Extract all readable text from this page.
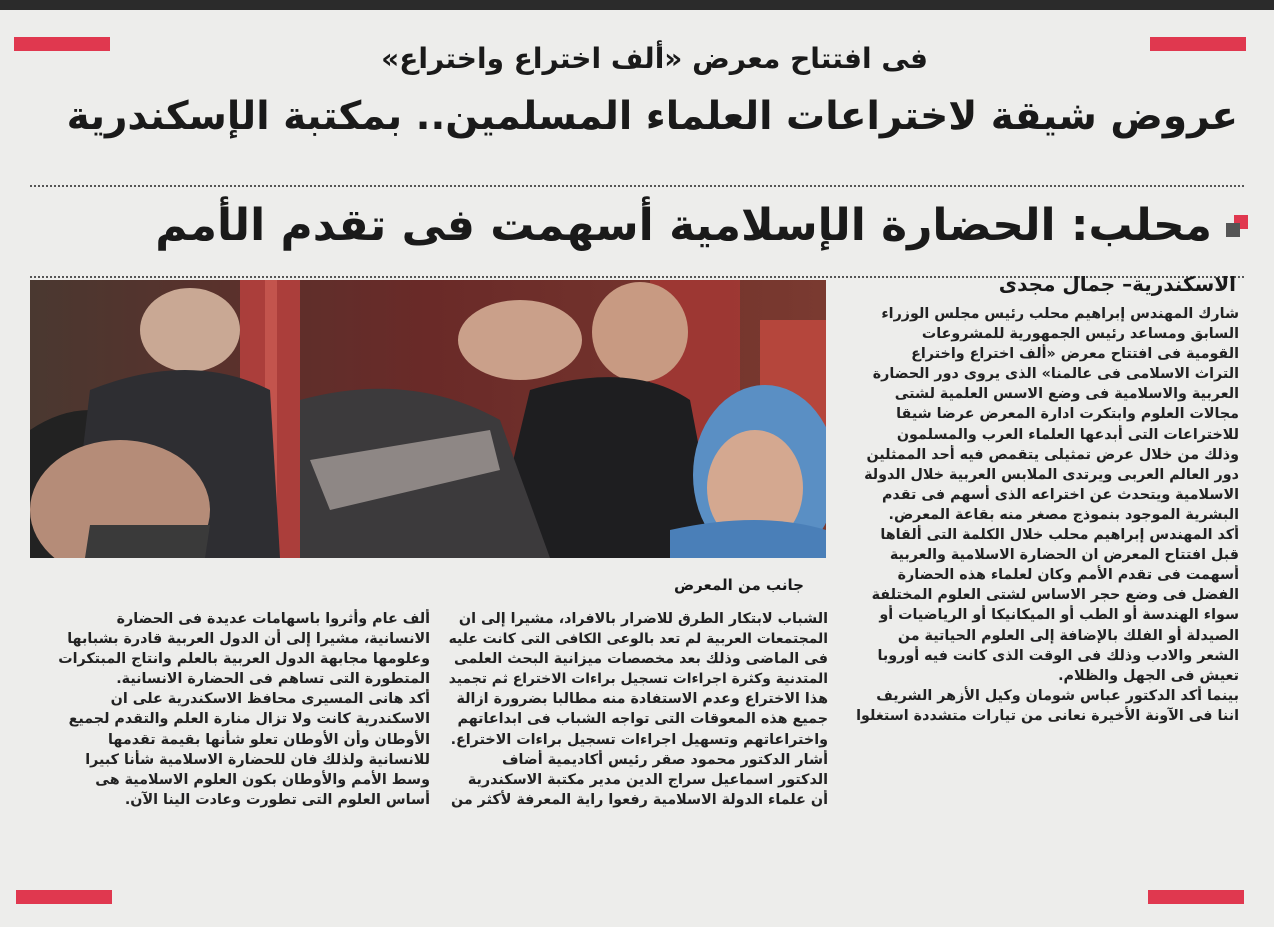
فى افتتاح معرض «ألف اختراع واختراع»
عروض شيقة لاختراعات العلماء المسلمين.. بمكتبة الإسكندرية
محلب: الحضارة الإسلامية أسهمت فى تقدم الأمم
الاسكندرية– جمال مجدى
جانب من المعرض

شارك المهندس إبراهيم محلب رئيس مجلس الوزراء

السابق ومساعد رئيس الجمهورية للمشروعات

القومية فى افتتاح معرض «ألف اختراع واختراع

التراث الاسلامى فى عالمنا» الذى يروى دور الحضارة

العربية والاسلامية فى وضع الاسس العلمية لشتى

مجالات العلوم وابتكرت ادارة المعرض عرضا شيقا

للاختراعات التى أبدعها العلماء العرب والمسلمون

وذلك من خلال عرض تمثيلى يتقمص فيه أحد الممثلين

دور العالم العربى ويرتدى الملابس العربية خلال الدولة

الاسلامية ويتحدث عن اختراعه الذى أسهم فى تقدم

البشرية الموجود بنموذج مصغر منه بقاعة المعرض.

أكد المهندس إبراهيم محلب خلال الكلمة التى ألقاها

قبل افتتاح المعرض ان الحضارة الاسلامية والعربية

أسهمت فى تقدم الأمم وكان لعلماء هذه الحضارة

الفضل فى وضع حجر الاساس لشتى العلوم المختلفة

سواء الهندسة أو الطب أو الميكانيكا أو الرياضيات أو

الصيدلة أو الفلك بالإضافة إلى العلوم الحياتية من

الشعر والادب وذلك فى الوقت الذى كانت فيه أوروبا

تعيش فى الجهل والظلام.

بينما أكد الدكتور عباس شومان وكيل الأزهر الشريف

اننا فى الآونة الأخيرة نعانى من تيارات متشددة استغلوا

الشباب لابتكار الطرق للاضرار بالافراد، مشيرا إلى ان

المجتمعات العربية لم تعد بالوعى الكافى التى كانت عليه

فى الماضى وذلك بعد مخصصات ميزانية البحث العلمى

المتدنية وكثرة اجراءات تسجيل براءات الاختراع ثم تجميد

هذا الاختراع وعدم الاستفادة منه مطالبا بضرورة ازالة

جميع هذه المعوقات التى تواجه الشباب فى ابداعاتهم

واختراعاتهم وتسهيل اجراءات تسجيل براءات الاختراع.

أشار الدكتور محمود صقر رئيس أكاديمية أضاف

الدكتور اسماعيل سراج الدين مدير مكتبة الاسكندرية

أن علماء الدولة الاسلامية رفعوا راية المعرفة لأكثر من

ألف عام وأثروا باسهامات عديدة فى الحضارة

الانسانية، مشيرا إلى أن الدول العربية قادرة بشبابها

وعلومها مجابهة الدول العربية بالعلم وانتاج المبتكرات

المتطورة التى تساهم فى الحضارة الانسانية.

أكد هانى المسيرى محافظ الاسكندرية على ان

الاسكندرية كانت ولا تزال منارة العلم والتقدم لجميع

الأوطان وأن الأوطان تعلو شأنها بقيمة تقدمها

للانسانية ولذلك فان للحضارة الاسلامية شأنا كبيرا

وسط الأمم والأوطان بكون العلوم الاسلامية هى

أساس العلوم التى تطورت وعادت الينا الآن.
